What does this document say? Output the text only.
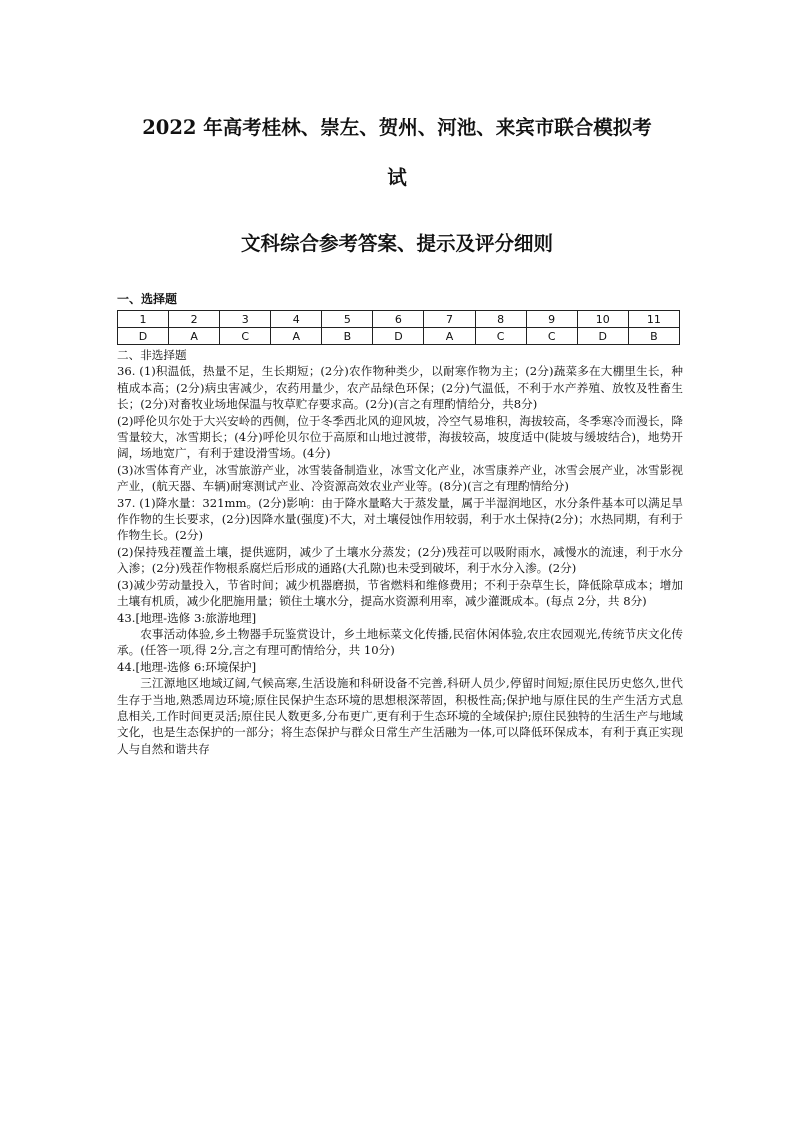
2022 年高考桂林、崇左、贺州、河池、来宾市联合模拟考
试
文科综合参考答案、提示及评分细则
一、选择题
1	2	3	4	5	6	7	8	9	10	11
D	A	C	A	B	D	A	C	C	D	B

二、非选择题

36. (1)积温低，热量不足，生长期短；(2分)农作物种类少，以耐寒作物为主；(2分)蔬菜多在大棚里生长，种植成本高；(2分)病虫害减少，农药用量少，农产品绿色环保；(2分)气温低，不利于水产养殖、放牧及牲畜生长；(2分)对畜牧业场地保温与牧草贮存要求高。(2分)(言之有理酌情给分，共8分)

(2)呼伦贝尔处于大兴安岭的西侧，位于冬季西北风的迎风坡，冷空气易堆积，海拔较高，冬季寒冷而漫长，降雪量较大，冰雪期长；(4分)呼伦贝尔位于高原和山地过渡带，海拔较高，坡度适中(陡坡与缓坡结合)，地势开阔，场地宽广，有利于建设滑雪场。(4分)

(3)冰雪体育产业，冰雪旅游产业，冰雪装备制造业，冰雪文化产业，冰雪康养产业，冰雪会展产业，冰雪影视产业，(航天器、车辆)耐寒测试产业、冷资源高效农业产业等。(8分)(言之有理酌情给分)

37. (1)降水量：321mm。(2分)影响：由于降水量略大于蒸发量，属于半湿润地区，水分条件基本可以满足旱作作物的生长要求，(2分)因降水量(强度)不大，对土壤侵蚀作用较弱，利于水土保持(2分)；水热同期，有利于作物生长。(2分)

(2)保持残茬覆盖土壤，提供遮阴，减少了土壤水分蒸发；(2分)残茬可以吸附雨水，减慢水的流速，利于水分入渗；(2分)残茬作物根系腐烂后形成的通路(大孔隙)也未受到破坏，利于水分入渗。(2分)

(3)减少劳动量投入，节省时间；减少机器磨损，节省燃料和维修费用；不利于杂草生长，降低除草成本；增加土壤有机质，减少化肥施用量；锁住土壤水分，提高水资源利用率，减少灌溉成本。(每点 2分，共 8分)

43.[地理-选修 3:旅游地理]

农事活动体验,乡土物器手玩鉴赏设计，乡土地标菜文化传播,民宿休闲体验,农庄农园观光,传统节庆文化传承。(任答一项,得 2分,言之有理可酌情给分，共 10分)

44.[地理-选修 6:环境保护]

三江源地区地域辽阔,气候高寒,生活设施和科研设备不完善,科研人员少,停留时间短;原住民历史悠久,世代生存于当地,熟悉周边环境;原住民保护生态环境的思想根深蒂固，积极性高;保护地与原住民的生产生活方式息息相关,工作时间更灵活;原住民人数更多,分布更广,更有利于生态环境的全域保护;原住民独特的生活生产与地域文化，也是生态保护的一部分；将生态保护与群众日常生产生活融为一体,可以降低环保成本，有利于真正实现人与自然和谐共存
